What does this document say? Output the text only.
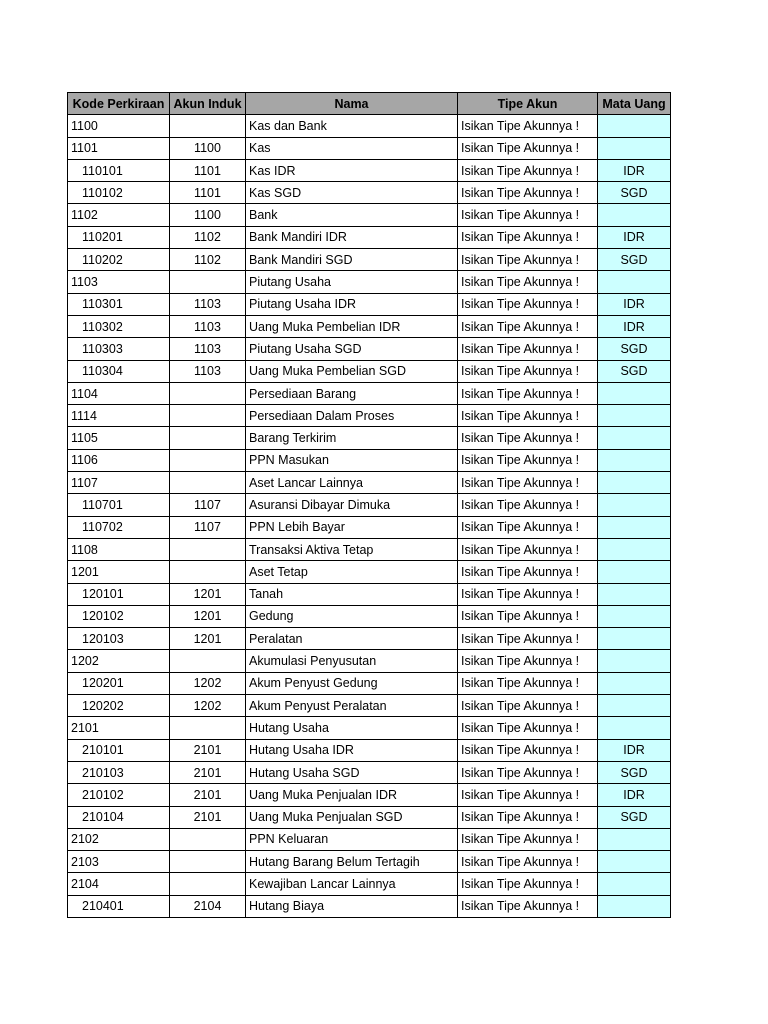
Kode Perkiraan	Akun Induk	Nama	Tipe Akun	Mata Uang
1100		Kas dan Bank	Isikan Tipe Akunnya !	
1101	1100	Kas	Isikan Tipe Akunnya !	
110101	1101	Kas IDR	Isikan Tipe Akunnya !	IDR
110102	1101	Kas SGD	Isikan Tipe Akunnya !	SGD
1102	1100	Bank	Isikan Tipe Akunnya !	
110201	1102	Bank Mandiri IDR	Isikan Tipe Akunnya !	IDR
110202	1102	Bank Mandiri SGD	Isikan Tipe Akunnya !	SGD
1103		Piutang Usaha	Isikan Tipe Akunnya !	
110301	1103	Piutang Usaha IDR	Isikan Tipe Akunnya !	IDR
110302	1103	Uang Muka Pembelian IDR	Isikan Tipe Akunnya !	IDR
110303	1103	Piutang Usaha SGD	Isikan Tipe Akunnya !	SGD
110304	1103	Uang Muka Pembelian SGD	Isikan Tipe Akunnya !	SGD
1104		Persediaan Barang	Isikan Tipe Akunnya !	
1114		Persediaan Dalam Proses	Isikan Tipe Akunnya !	
1105		Barang Terkirim	Isikan Tipe Akunnya !	
1106		PPN Masukan	Isikan Tipe Akunnya !	
1107		Aset Lancar Lainnya	Isikan Tipe Akunnya !	
110701	1107	Asuransi Dibayar Dimuka	Isikan Tipe Akunnya !	
110702	1107	PPN Lebih Bayar	Isikan Tipe Akunnya !	
1108		Transaksi Aktiva Tetap	Isikan Tipe Akunnya !	
1201		Aset Tetap	Isikan Tipe Akunnya !	
120101	1201	Tanah	Isikan Tipe Akunnya !	
120102	1201	Gedung	Isikan Tipe Akunnya !	
120103	1201	Peralatan	Isikan Tipe Akunnya !	
1202		Akumulasi Penyusutan	Isikan Tipe Akunnya !	
120201	1202	Akum Penyust Gedung	Isikan Tipe Akunnya !	
120202	1202	Akum Penyust Peralatan	Isikan Tipe Akunnya !	
2101		Hutang Usaha	Isikan Tipe Akunnya !	
210101	2101	Hutang Usaha IDR	Isikan Tipe Akunnya !	IDR
210103	2101	Hutang Usaha SGD	Isikan Tipe Akunnya !	SGD
210102	2101	Uang Muka Penjualan IDR	Isikan Tipe Akunnya !	IDR
210104	2101	Uang Muka Penjualan SGD	Isikan Tipe Akunnya !	SGD
2102		PPN Keluaran	Isikan Tipe Akunnya !	
2103		Hutang Barang Belum Tertagih	Isikan Tipe Akunnya !	
2104		Kewajiban Lancar Lainnya	Isikan Tipe Akunnya !	
210401	2104	Hutang Biaya	Isikan Tipe Akunnya !	
